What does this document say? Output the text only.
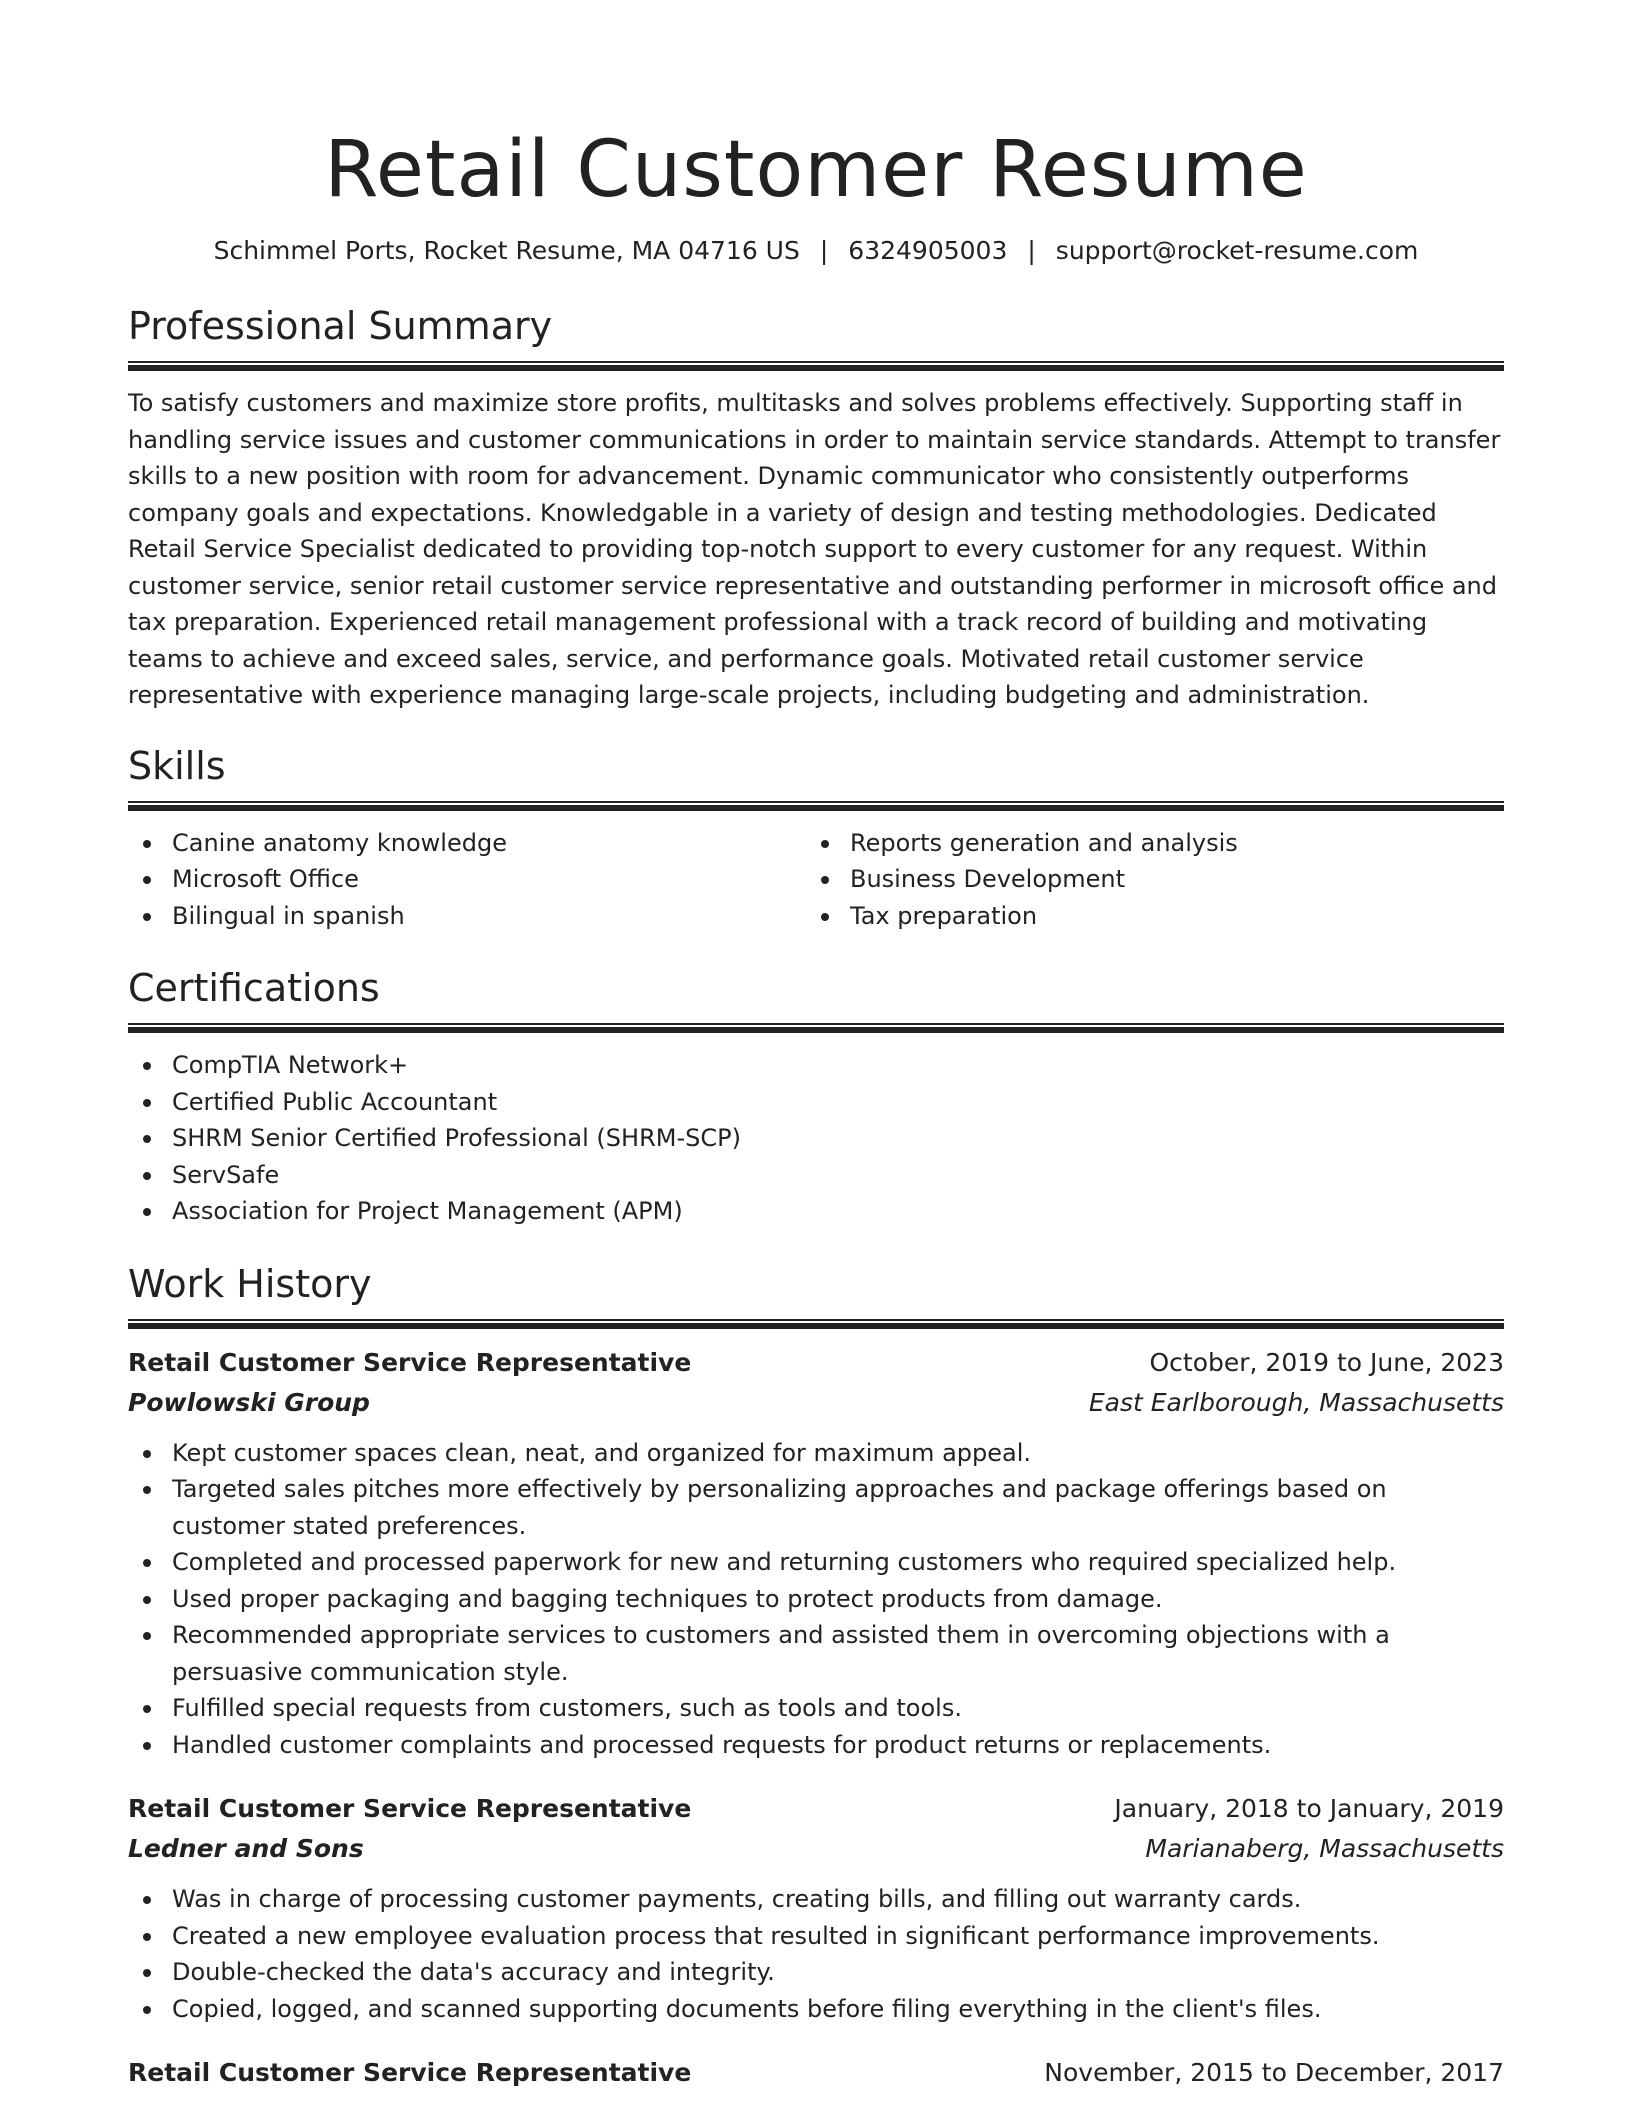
Retail Customer Resume
Schimmel Ports, Rocket Resume, MA 04716 US | 6324905003 | support@rocket-resume.com
Professional Summary

To satisfy customers and maximize store profits, multitasks and solves problems effectively. Supporting staff in handling service issues and customer communications in order to maintain service standards. Attempt to transfer skills to a new position with room for advancement. Dynamic communicator who consistently outperforms company goals and expectations. Knowledgable in a variety of design and testing methodologies. Dedicated Retail Service Specialist dedicated to providing top-notch support to every customer for any request. Within customer service, senior retail customer service representative and outstanding performer in microsoft office and tax preparation. Experienced retail management professional with a track record of building and motivating teams to achieve and exceed sales, service, and performance goals. Motivated retail customer service representative with experience managing large-scale projects, including budgeting and administration.

Skills
Canine anatomy knowledge
Microsoft Office
Bilingual in spanish
Reports generation and analysis
Business Development
Tax preparation
Certifications
CompTIA Network+
Certified Public Accountant
SHRM Senior Certified Professional (SHRM-SCP)
ServSafe
Association for Project Management (APM)
Work History
Retail Customer Service Representative	October, 2019 to June, 2023
Powlowski Group	East Earlborough, Massachusetts
Kept customer spaces clean, neat, and organized for maximum appeal.
Targeted sales pitches more effectively by personalizing approaches and package offerings based on customer stated preferences.
Completed and processed paperwork for new and returning customers who required specialized help.
Used proper packaging and bagging techniques to protect products from damage.
Recommended appropriate services to customers and assisted them in overcoming objections with a persuasive communication style.
Fulfilled special requests from customers, such as tools and tools.
Handled customer complaints and processed requests for product returns or replacements.
Retail Customer Service Representative	January, 2018 to January, 2019
Ledner and Sons	Marianaberg, Massachusetts
Was in charge of processing customer payments, creating bills, and filling out warranty cards.
Created a new employee evaluation process that resulted in significant performance improvements.
Double-checked the data's accuracy and integrity.
Copied, logged, and scanned supporting documents before filing everything in the client's files.
Retail Customer Service Representative	November, 2015 to December, 2017
